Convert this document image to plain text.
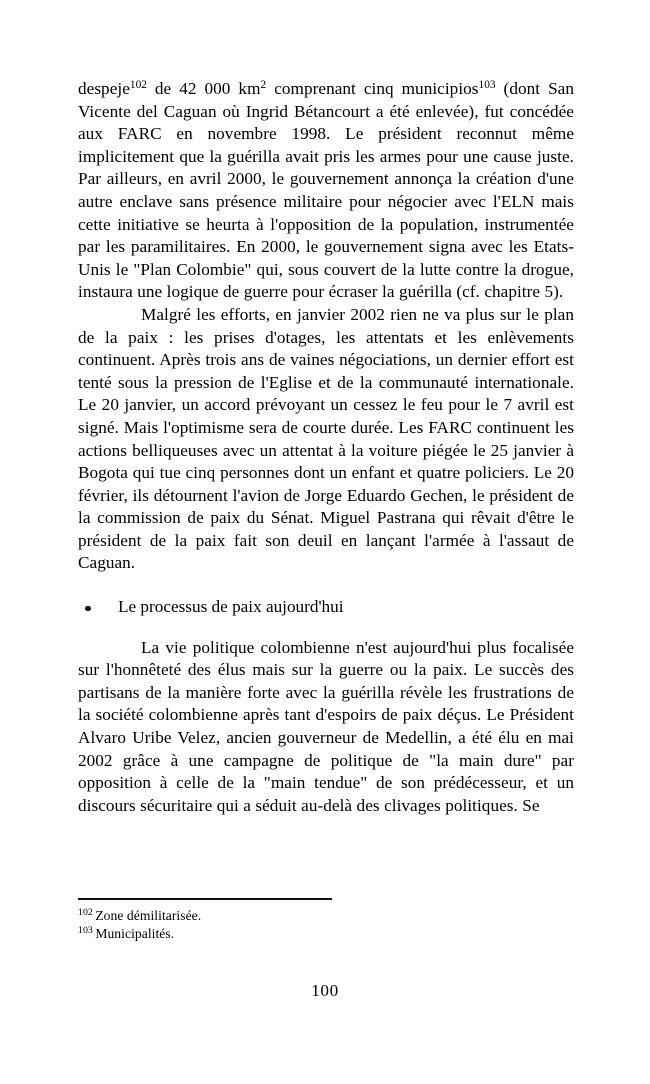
despeje$^{102}$ de 42 000 $km^2$ comprenant cinq municipios$^{103}$ (dont San Vicente del Caguan où Ingrid Bétancourt a été enlevée), fut concédée aux FARC en novembre 1998. Le président reconnut même implicitement que la guérilla avait pris les armes pour une cause juste. Par ailleurs, en avril 2000, le gouvernement annonça la création d'une autre enclave sans présence militaire pour négocier avec l'ELN mais cette initiative se heurta à l'opposition de la population, instrumentée par les paramilitaires. En 2000, le gouvernement signa avec les Etats-Unis le "Plan Colombie" qui, sous couvert de la lutte contre la drogue, instaura une logique de guerre pour écraser la guérilla (cf. chapitre 5).

Malgré les efforts, en janvier 2002 rien ne va plus sur le plan de la paix : les prises d'otages, les attentats et les enlèvements continuent. Après trois ans de vaines négociations, un dernier effort est tenté sous la pression de l'Eglise et de la communauté internationale. Le 20 janvier, un accord prévoyant un cessez le feu pour le 7 avril est signé. Mais l'optimisme sera de courte durée. Les FARC continuent les actions belliqueuses avec un attentat à la voiture piégée le 25 janvier à Bogota qui tue cinq personnes dont un enfant et quatre policiers. Le 20 février, ils détournent l'avion de Jorge Eduardo Gechen, le président de la commission de paix du Sénat. Miguel Pastrana qui rêvait d'être le président de la paix fait son deuil en lançant l'armée à l'assaut de Caguan.

Le processus de paix aujourd'hui

La vie politique colombienne n'est aujourd'hui plus focalisée sur l'honnêteté des élus mais sur la guerre ou la paix. Le succès des partisans de la manière forte avec la guérilla révèle les frustrations de la société colombienne après tant d'espoirs de paix déçus. Le Président Alvaro Uribe Velez, ancien gouverneur de Medellin, a été élu en mai 2002 grâce à une campagne de politique de "la main dure" par opposition à celle de la "main tendue" de son prédécesseur, et un discours sécuritaire qui a séduit au-delà des clivages politiques. Se

$^{102}$ Zone démilitarisée.
$^{103}$ Municipalités.
100
